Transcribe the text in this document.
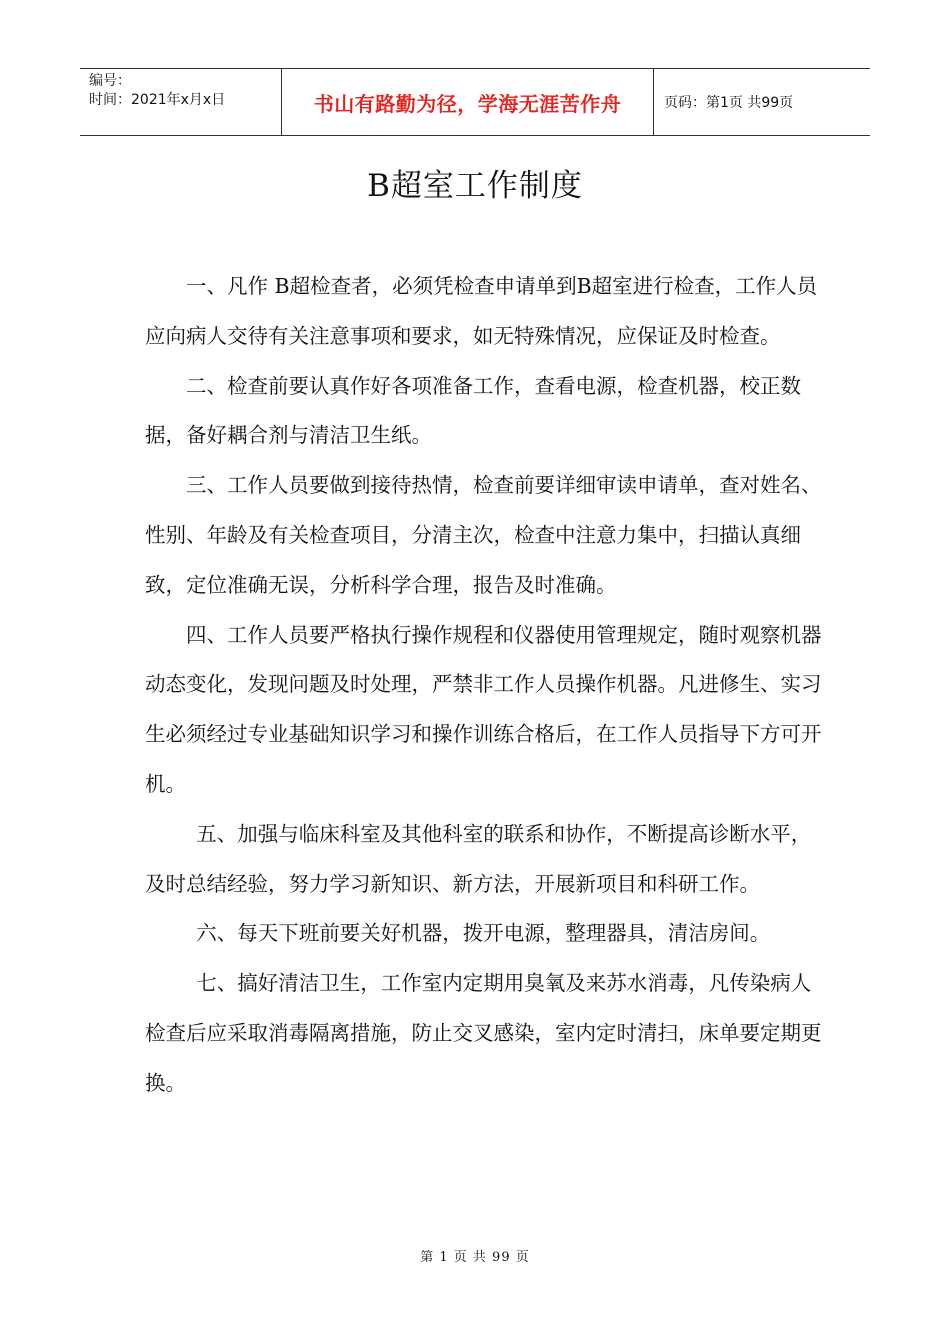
编号：
时间：2021年x月x日	书山有路勤为径，学海无涯苦作舟	页码：第1页 共99页
B超室工作制度

一、凡作 B超检查者，必须凭检查申请单到B超室进行检查，工作人员应向病人交待有关注意事项和要求，如无特殊情况，应保证及时检查。

二、检查前要认真作好各项准备工作，查看电源，检查机器，校正数据，备好耦合剂与清洁卫生纸。

三、工作人员要做到接待热情，检查前要详细审读申请单，查对姓名、性别、年龄及有关检查项目，分清主次，检查中注意力集中，扫描认真细致，定位准确无误，分析科学合理，报告及时准确。

四、工作人员要严格执行操作规程和仪器使用管理规定，随时观察机器动态变化，发现问题及时处理，严禁非工作人员操作机器。凡进修生、实习生必须经过专业基础知识学习和操作训练合格后，在工作人员指导下方可开机。

五、加强与临床科室及其他科室的联系和协作，不断提高诊断水平，及时总结经验，努力学习新知识、新方法，开展新项目和科研工作。

六、每天下班前要关好机器，拨开电源，整理器具，清洁房间。

七、搞好清洁卫生，工作室内定期用臭氧及来苏水消毒，凡传染病人检查后应采取消毒隔离措施，防止交叉感染，室内定时清扫，床单要定期更换。

第 1 页 共 99 页
